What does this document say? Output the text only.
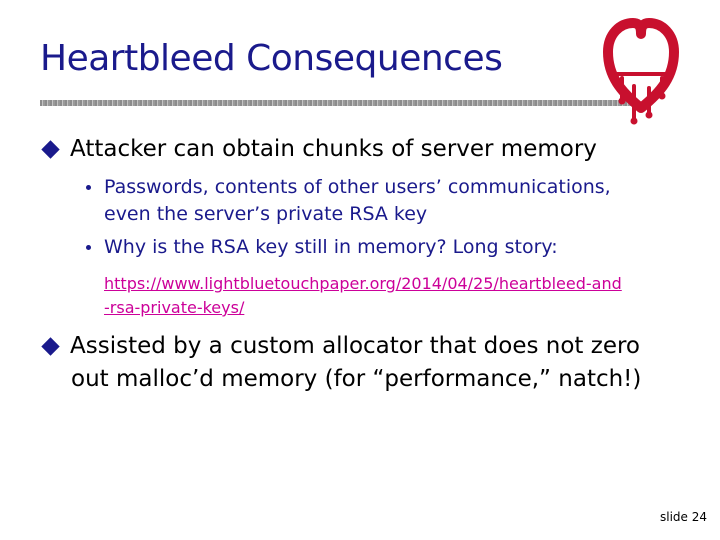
Heartbleed Consequences
Attacker can obtain chunks of server memory
Passwords, contents of other users’ communications,
even the server’s private RSA key
Why is the RSA key still in memory? Long story:
https://www.lightbluetouchpaper.org/2014/04/25/heartbleed-and
-rsa-private-keys/
Assisted by a custom allocator that does not zero
out malloc’d memory (for “performance,” natch!)
slide 24
